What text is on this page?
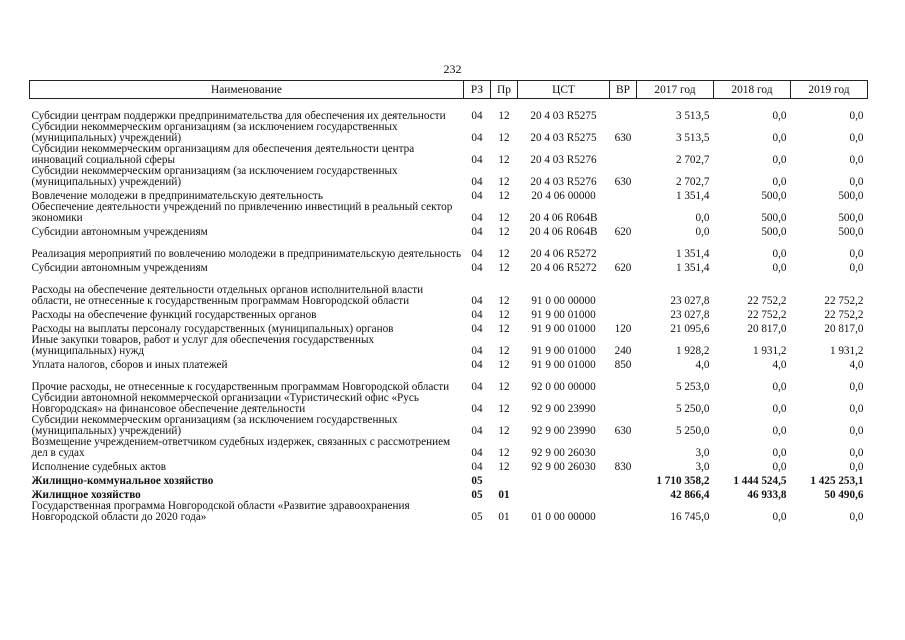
232
Наименование	РЗ	Пр	ЦСТ	ВР	2017 год	2018 год	2019 год
Субсидии центрам поддержки предпринимательства для обеспечения их деятельности	04	12	20 4 03 R5275		3 513,5	0,0	0,0
Субсидии некоммерческим организациям (за исключением государственных (муниципальных) учреждений)	04	12	20 4 03 R5275	630	3 513,5	0,0	0,0
Субсидии некоммерческим организациям для обеспечения деятельности центра инноваций социальной сферы	04	12	20 4 03 R5276		2 702,7	0,0	0,0
Субсидии некоммерческим организациям (за исключением государственных (муниципальных) учреждений)	04	12	20 4 03 R5276	630	2 702,7	0,0	0,0
Вовлечение молодежи в предпринимательскую деятельность	04	12	20 4 06 00000		1 351,4	500,0	500,0
Обеспечение деятельности учреждений по привлечению инвестиций в реальный сектор экономики	04	12	20 4 06 R064B		0,0	500,0	500,0
Субсидии автономным учреждениям	04	12	20 4 06 R064B	620	0,0	500,0	500,0
Реализация мероприятий по вовлечению молодежи в предпринимательскую деятельность	04	12	20 4 06 R5272		1 351,4	0,0	0,0
Субсидии автономным учреждениям	04	12	20 4 06 R5272	620	1 351,4	0,0	0,0
Расходы на обеспечение деятельности отдельных органов исполнительной власти области, не отнесенные к государственным программам Новгородской области	04	12	91 0 00 00000		23 027,8	22 752,2	22 752,2
Расходы на обеспечение функций государственных органов	04	12	91 9 00 01000		23 027,8	22 752,2	22 752,2
Расходы на выплаты персоналу государственных (муниципальных) органов	04	12	91 9 00 01000	120	21 095,6	20 817,0	20 817,0
Иные закупки товаров, работ и услуг для обеспечения государственных (муниципальных) нужд	04	12	91 9 00 01000	240	1 928,2	1 931,2	1 931,2
Уплата налогов, сборов и иных платежей	04	12	91 9 00 01000	850	4,0	4,0	4,0
Прочие расходы, не отнесенные к государственным программам Новгородской области	04	12	92 0 00 00000		5 253,0	0,0	0,0
Субсидии автономной некоммерческой организации «Туристический офис «Русь Новгородская» на финансовое обеспечение деятельности	04	12	92 9 00 23990		5 250,0	0,0	0,0
Субсидии некоммерческим организациям (за исключением государственных (муниципальных) учреждений)	04	12	92 9 00 23990	630	5 250,0	0,0	0,0
Возмещение учреждением-ответчиком судебных издержек, связанных с рассмотрением дел в судах	04	12	92 9 00 26030		3,0	0,0	0,0
Исполнение судебных актов	04	12	92 9 00 26030	830	3,0	0,0	0,0
Жилищно-коммунальное хозяйство	05				1 710 358,2	1 444 524,5	1 425 253,1
Жилищное хозяйство	05	01			42 866,4	46 933,8	50 490,6
Государственная программа Новгородской области «Развитие здравоохранения Новгородской области до 2020 года»	05	01	01 0 00 00000		16 745,0	0,0	0,0
